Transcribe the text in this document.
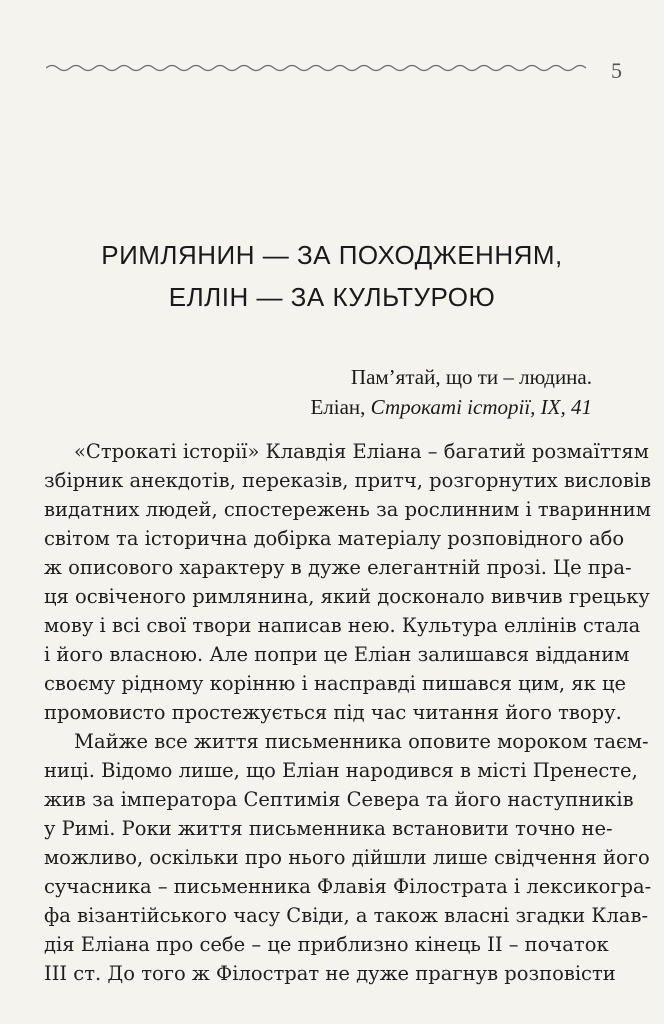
5
РИМЛЯНИН — ЗА ПОХОДЖЕННЯМ,
ЕЛЛІН — ЗА КУЛЬТУРОЮ
Пам’ятай, що ти – людина.
Еліан, Строкаті історії, IX, 41
«Строкаті історії» Клавдія Еліана – багатий розмаїттям
збірник анекдотів, переказів, притч, розгорнутих висловів
видатних людей, спостережень за рослинним і тваринним
світом та історична добірка матеріалу розповідного або
ж описового характеру в дуже елегантній прозі. Це пра-
ця освіченого римлянина, який досконало вивчив грецьку
мову і всі свої твори написав нею. Культура еллінів стала
і його власною. Але попри це Еліан залишався відданим
своєму рідному корінню і насправді пишався цим, як це
промовисто простежується під час читання його твору.
Майже все життя письменника оповите мороком таєм-
ниці. Відомо лише, що Еліан народився в місті Пренесте,
жив за імператора Септимія Севера та його наступників
у Римі. Роки життя письменника встановити точно не-
можливо, оскільки про нього дійшли лише свідчення його
сучасника – письменника Флавія Філострата і лексикогра-
фа візантійського часу Свіди, а також власні згадки Клав-
дія Еліана про себе – це приблизно кінець II – початок
III ст. До того ж Філострат не дуже прагнув розповісти
